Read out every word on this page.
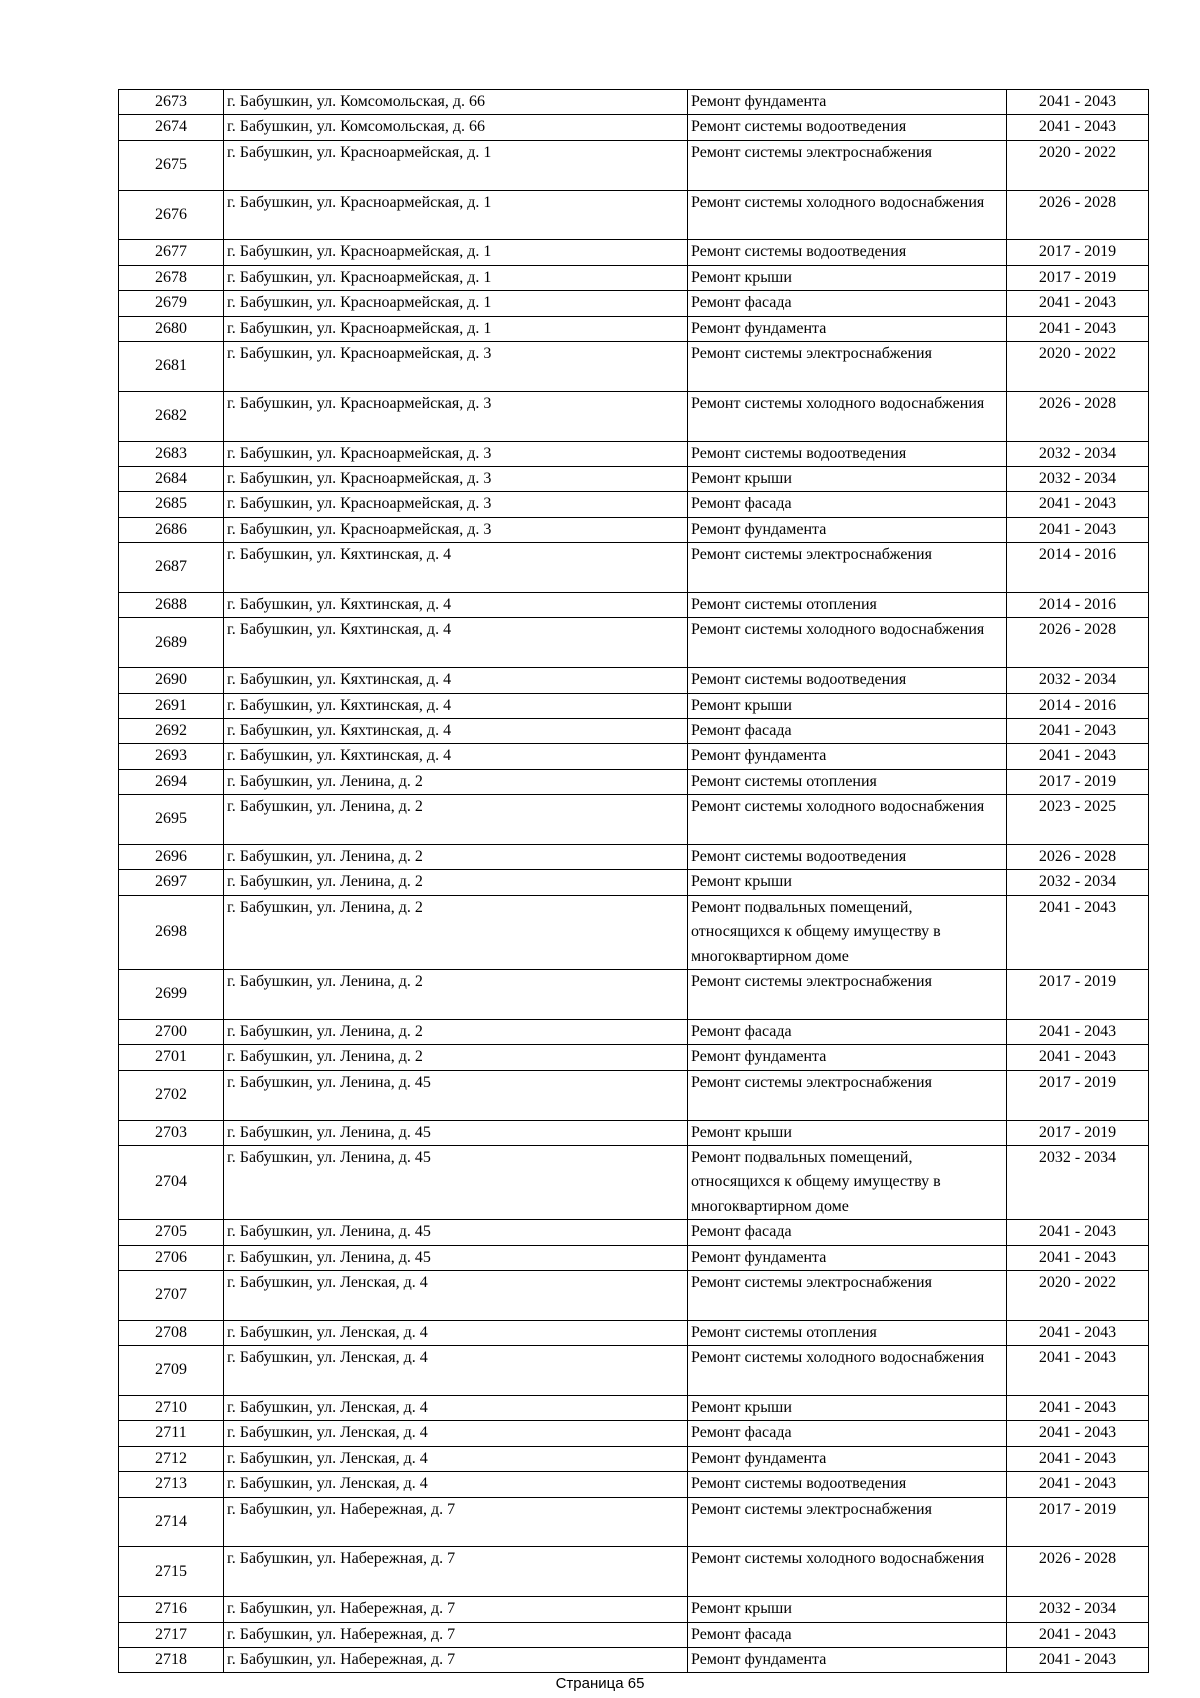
2673	г. Бабушкин, ул. Комсомольская, д. 66	Ремонт фундамента	2041 - 2043
2674	г. Бабушкин, ул. Комсомольская, д. 66	Ремонт системы водоотведения	2041 - 2043
2675	г. Бабушкин, ул. Красноармейская, д. 1	Ремонт системы электроснабжения	2020 - 2022
2676	г. Бабушкин, ул. Красноармейская, д. 1	Ремонт системы холодного водоснабжения	2026 - 2028
2677	г. Бабушкин, ул. Красноармейская, д. 1	Ремонт системы водоотведения	2017 - 2019
2678	г. Бабушкин, ул. Красноармейская, д. 1	Ремонт крыши	2017 - 2019
2679	г. Бабушкин, ул. Красноармейская, д. 1	Ремонт фасада	2041 - 2043
2680	г. Бабушкин, ул. Красноармейская, д. 1	Ремонт фундамента	2041 - 2043
2681	г. Бабушкин, ул. Красноармейская, д. 3	Ремонт системы электроснабжения	2020 - 2022
2682	г. Бабушкин, ул. Красноармейская, д. 3	Ремонт системы холодного водоснабжения	2026 - 2028
2683	г. Бабушкин, ул. Красноармейская, д. 3	Ремонт системы водоотведения	2032 - 2034
2684	г. Бабушкин, ул. Красноармейская, д. 3	Ремонт крыши	2032 - 2034
2685	г. Бабушкин, ул. Красноармейская, д. 3	Ремонт фасада	2041 - 2043
2686	г. Бабушкин, ул. Красноармейская, д. 3	Ремонт фундамента	2041 - 2043
2687	г. Бабушкин, ул. Кяхтинская, д. 4	Ремонт системы электроснабжения	2014 - 2016
2688	г. Бабушкин, ул. Кяхтинская, д. 4	Ремонт системы отопления	2014 - 2016
2689	г. Бабушкин, ул. Кяхтинская, д. 4	Ремонт системы холодного водоснабжения	2026 - 2028
2690	г. Бабушкин, ул. Кяхтинская, д. 4	Ремонт системы водоотведения	2032 - 2034
2691	г. Бабушкин, ул. Кяхтинская, д. 4	Ремонт крыши	2014 - 2016
2692	г. Бабушкин, ул. Кяхтинская, д. 4	Ремонт фасада	2041 - 2043
2693	г. Бабушкин, ул. Кяхтинская, д. 4	Ремонт фундамента	2041 - 2043
2694	г. Бабушкин, ул. Ленина, д. 2	Ремонт системы отопления	2017 - 2019
2695	г. Бабушкин, ул. Ленина, д. 2	Ремонт системы холодного водоснабжения	2023 - 2025
2696	г. Бабушкин, ул. Ленина, д. 2	Ремонт системы водоотведения	2026 - 2028
2697	г. Бабушкин, ул. Ленина, д. 2	Ремонт крыши	2032 - 2034
2698	г. Бабушкин, ул. Ленина, д. 2	Ремонт подвальных помещений, относящихся к общему имуществу в многоквартирном доме	2041 - 2043
2699	г. Бабушкин, ул. Ленина, д. 2	Ремонт системы электроснабжения	2017 - 2019
2700	г. Бабушкин, ул. Ленина, д. 2	Ремонт фасада	2041 - 2043
2701	г. Бабушкин, ул. Ленина, д. 2	Ремонт фундамента	2041 - 2043
2702	г. Бабушкин, ул. Ленина, д. 45	Ремонт системы электроснабжения	2017 - 2019
2703	г. Бабушкин, ул. Ленина, д. 45	Ремонт крыши	2017 - 2019
2704	г. Бабушкин, ул. Ленина, д. 45	Ремонт подвальных помещений, относящихся к общему имуществу в многоквартирном доме	2032 - 2034
2705	г. Бабушкин, ул. Ленина, д. 45	Ремонт фасада	2041 - 2043
2706	г. Бабушкин, ул. Ленина, д. 45	Ремонт фундамента	2041 - 2043
2707	г. Бабушкин, ул. Ленская, д. 4	Ремонт системы электроснабжения	2020 - 2022
2708	г. Бабушкин, ул. Ленская, д. 4	Ремонт системы отопления	2041 - 2043
2709	г. Бабушкин, ул. Ленская, д. 4	Ремонт системы холодного водоснабжения	2041 - 2043
2710	г. Бабушкин, ул. Ленская, д. 4	Ремонт крыши	2041 - 2043
2711	г. Бабушкин, ул. Ленская, д. 4	Ремонт фасада	2041 - 2043
2712	г. Бабушкин, ул. Ленская, д. 4	Ремонт фундамента	2041 - 2043
2713	г. Бабушкин, ул. Ленская, д. 4	Ремонт системы водоотведения	2041 - 2043
2714	г. Бабушкин, ул. Набережная, д. 7	Ремонт системы электроснабжения	2017 - 2019
2715	г. Бабушкин, ул. Набережная, д. 7	Ремонт системы холодного водоснабжения	2026 - 2028
2716	г. Бабушкин, ул. Набережная, д. 7	Ремонт крыши	2032 - 2034
2717	г. Бабушкин, ул. Набережная, д. 7	Ремонт фасада	2041 - 2043
2718	г. Бабушкин, ул. Набережная, д. 7	Ремонт фундамента	2041 - 2043
Страница 65
